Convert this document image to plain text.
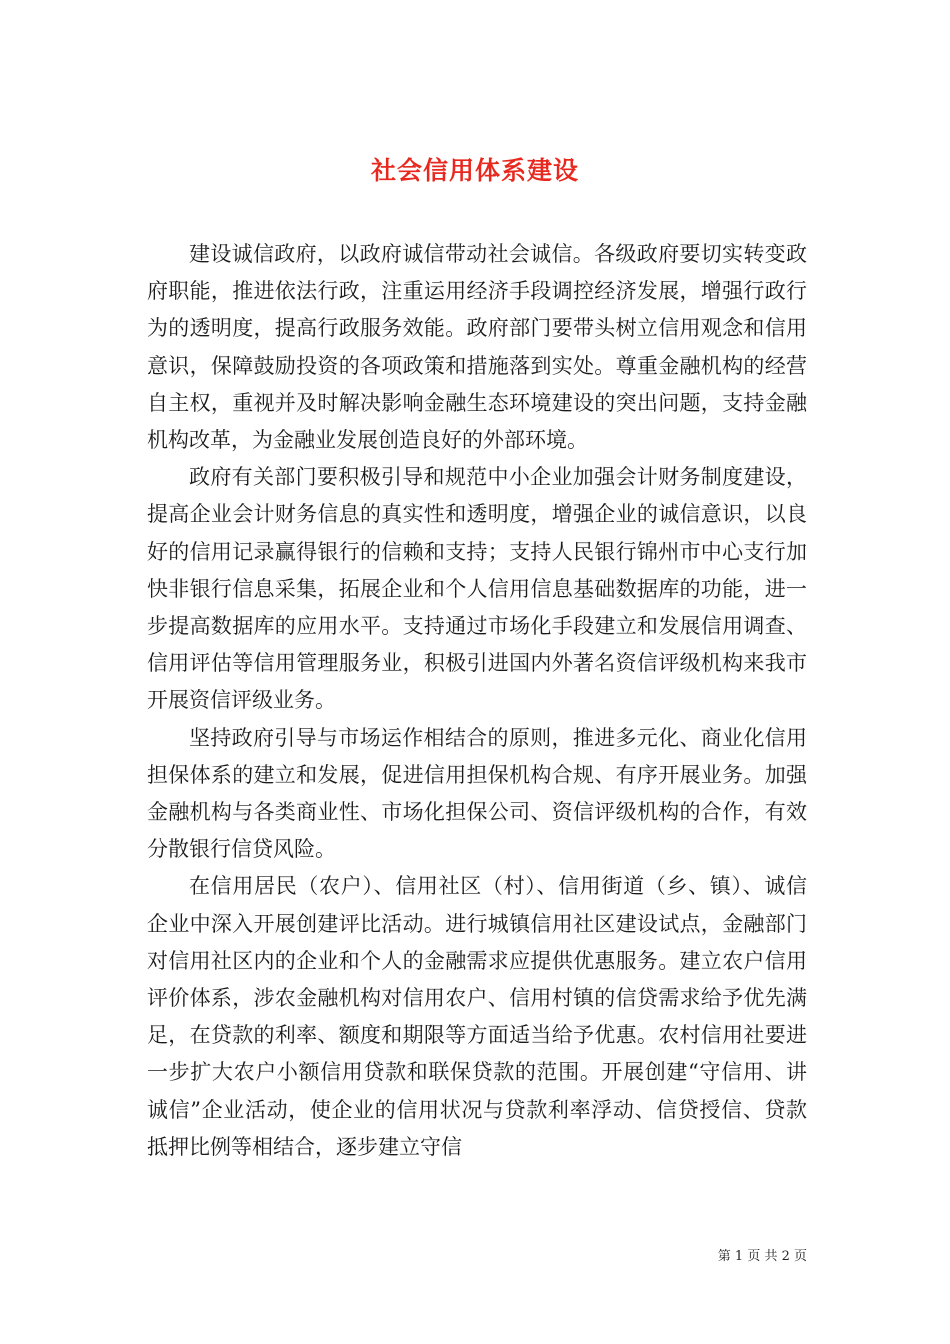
社会信用体系建设

建设诚信政府，以政府诚信带动社会诚信。各级政府要切实转变政府职能，推进依法行政，注重运用经济手段调控经济发展，增强行政行为的透明度，提高行政服务效能。政府部门要带头树立信用观念和信用意识，保障鼓励投资的各项政策和措施落到实处。尊重金融机构的经营自主权，重视并及时解决影响金融生态环境建设的突出问题，支持金融机构改革，为金融业发展创造良好的外部环境。

政府有关部门要积极引导和规范中小企业加强会计财务制度建设，提高企业会计财务信息的真实性和透明度，增强企业的诚信意识，以良好的信用记录赢得银行的信赖和支持；支持人民银行锦州市中心支行加快非银行信息采集，拓展企业和个人信用信息基础数据库的功能，进一步提高数据库的应用水平。支持通过市场化手段建立和发展信用调查、信用评估等信用管理服务业，积极引进国内外著名资信评级机构来我市开展资信评级业务。

坚持政府引导与市场运作相结合的原则，推进多元化、商业化信用担保体系的建立和发展，促进信用担保机构合规、有序开展业务。加强金融机构与各类商业性、市场化担保公司、资信评级机构的合作，有效分散银行信贷风险。

在信用居民（农户）、信用社区（村）、信用街道（乡、镇）、诚信企业中深入开展创建评比活动。进行城镇信用社区建设试点，金融部门对信用社区内的企业和个人的金融需求应提供优惠服务。建立农户信用评价体系，涉农金融机构对信用农户、信用村镇的信贷需求给予优先满足，在贷款的利率、额度和期限等方面适当给予优惠。农村信用社要进一步扩大农户小额信用贷款和联保贷款的范围。开展创建“守信用、讲诚信”企业活动，使企业的信用状况与贷款利率浮动、信贷授信、贷款抵押比例等相结合，逐步建立守信

第 1 页 共 2 页
